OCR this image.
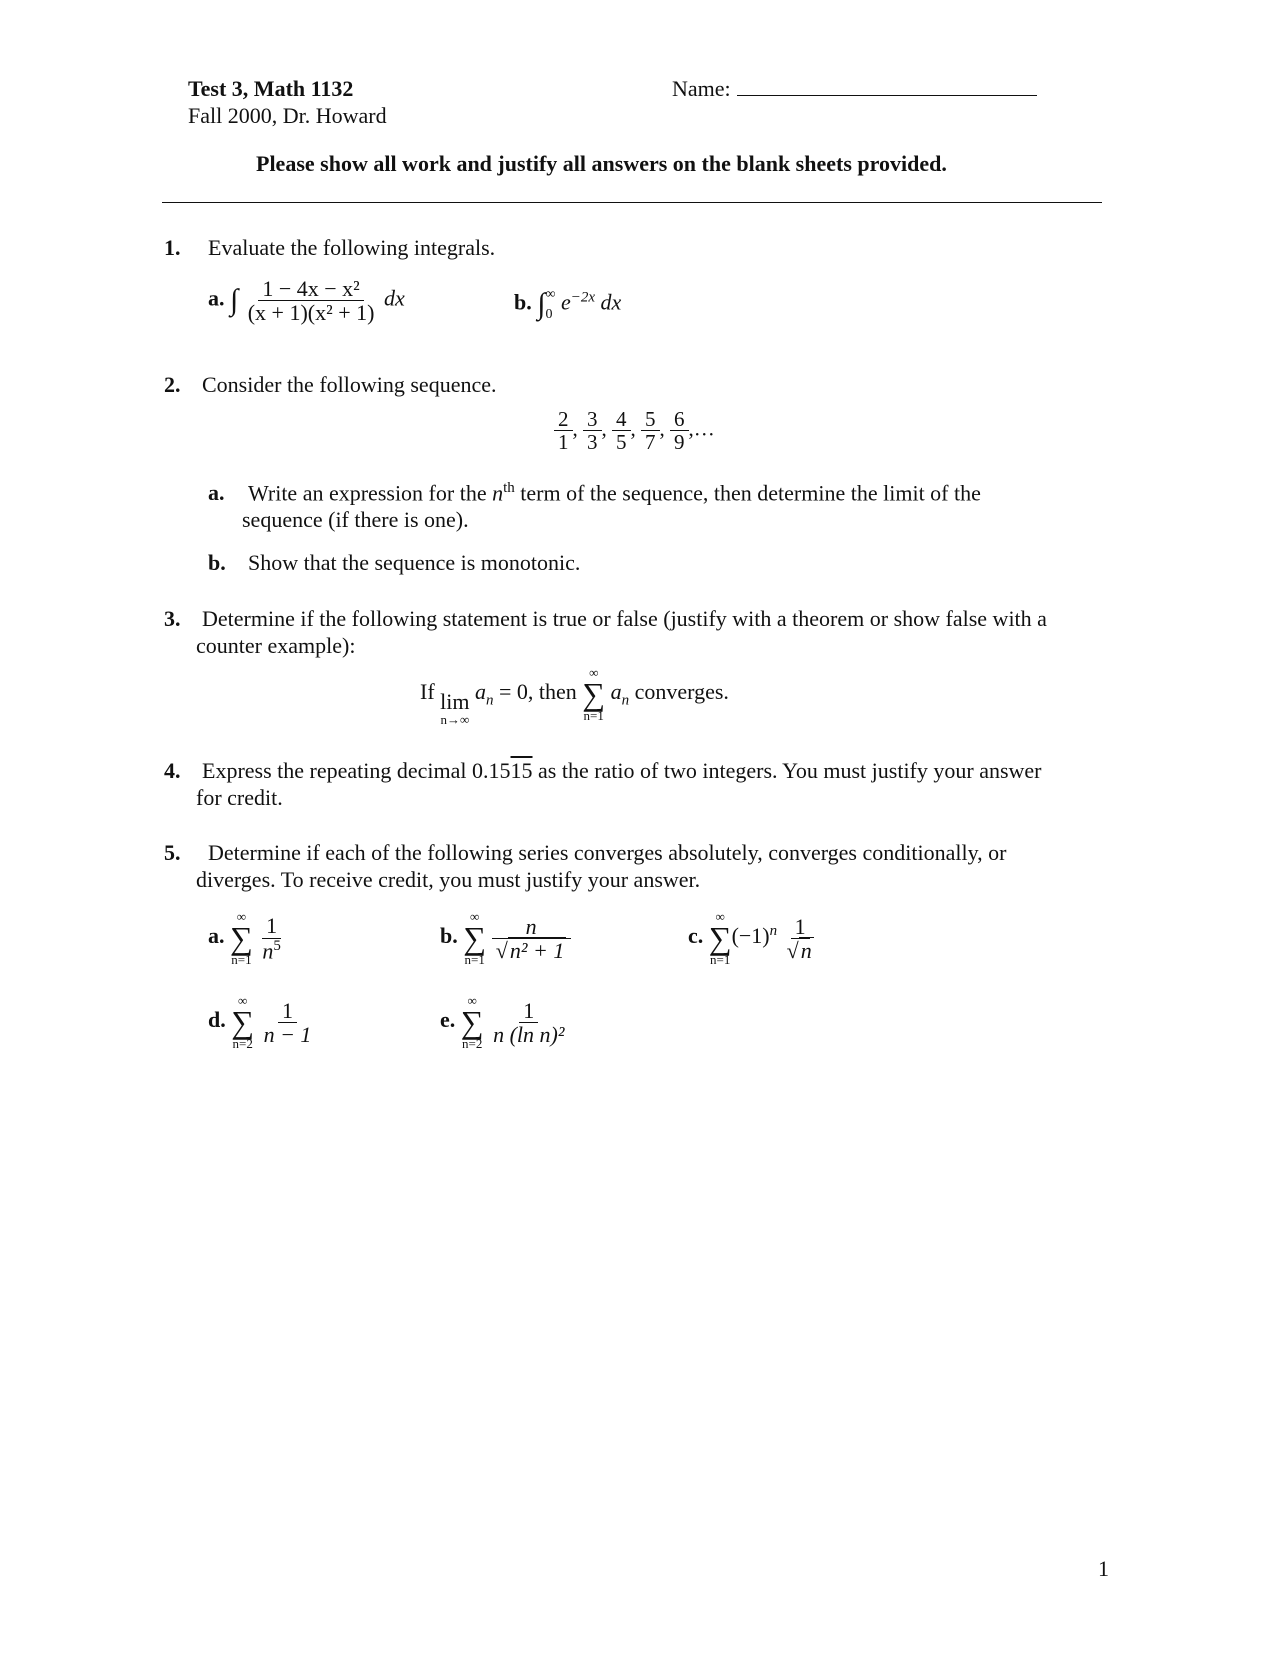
Test 3, Math 1132
Fall 2000, Dr. Howard
Name:
Please show all work and justify all answers on the blank sheets provided.
1. Evaluate the following integrals.
a. ∫ $\frac{\text{1 − 4x − x²}}{\text{(x + 1)(x² + 1)}}$ dx	b. ∫ ∞
0 $e^{-2x}$ dx
2. Consider the following sequence.
$\frac{2}{1}$ , $\frac{3}{3}$ , $\frac{4}{5}$ , $\frac{5}{7}$ , $\frac{6}{9}$ ,…
a. Write an expression for the $n^{th}$ term of the sequence, then determine the limit of the
sequence (if there is one).
b. Show that the sequence is monotonic.
3. Determine if the following statement is true or false (justify with a theorem or show false with a
counter example):
If lim
n→∞
$a_n = 0$, then
∞
∑
n=1
$a_n$ converges.
4. Express the repeating decimal 0.1515 as the ratio of two integers. You must justify your answer
for credit.
5. Determine if each of the following series converges absolutely, converges conditionally, or
diverges. To receive credit, you must justify your answer.
a.
∞
∑
n=1
$\frac{1}{n^5}$	b.
∞
∑
n=1
$\frac{n}{\text{√n² + 1}}$	c.
∞
∑
n=1
$(-1)^n \frac{1}{√n}$
d.
∞
∑
n=2
$\frac{1}{n - 1}$	e.
∞
∑
n=2
$\frac{1}{\text{n (ln n)²}}$
1
